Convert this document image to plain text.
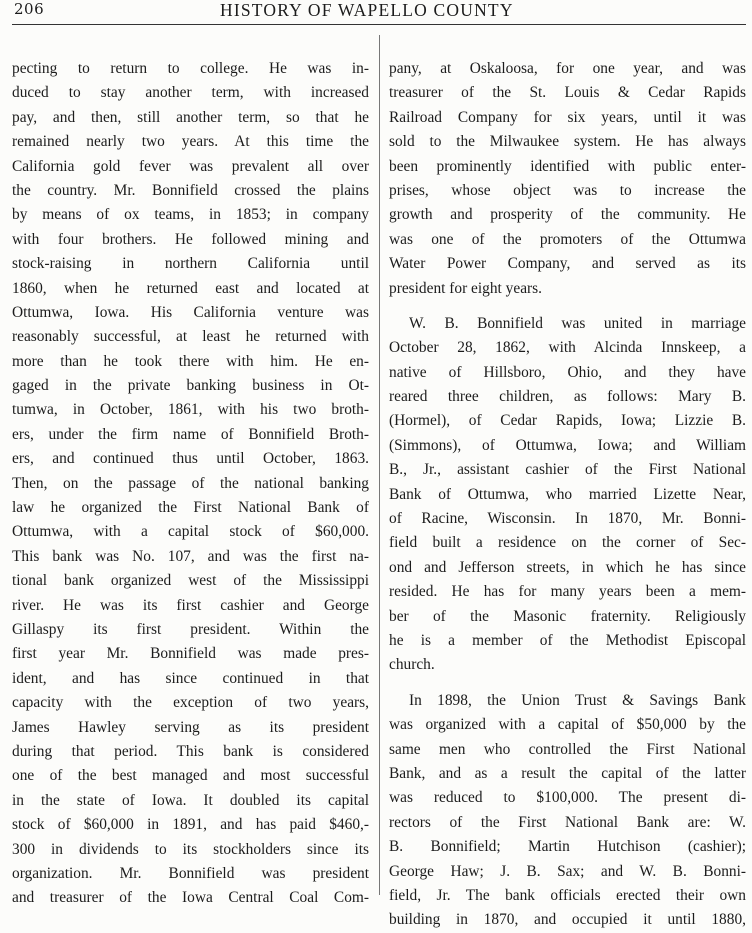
206	HISTORY OF WAPELLO COUNTY
pecting to return to college. He was in-
duced to stay another term, with increased
pay, and then, still another term, so that he
remained nearly two years. At this time the
California gold fever was prevalent all over
the country. Mr. Bonnifield crossed the plains
by means of ox teams, in 1853; in company
with four brothers. He followed mining and
stock-raising in northern California until
1860, when he returned east and located at
Ottumwa, Iowa. His California venture was
reasonably successful, at least he returned with
more than he took there with him. He en-
gaged in the private banking business in Ot-
tumwa, in October, 1861, with his two broth-
ers, under the firm name of Bonnifield Broth-
ers, and continued thus until October, 1863.
Then, on the passage of the national banking
law he organized the First National Bank of
Ottumwa, with a capital stock of $60,000.
This bank was No. 107, and was the first na-
tional bank organized west of the Mississippi
river. He was its first cashier and George
Gillaspy its first president. Within the
first year Mr. Bonnifield was made pres-
ident, and has since continued in that
capacity with the exception of two years,
James Hawley serving as its president
during that period. This bank is considered
one of the best managed and most successful
in the state of Iowa. It doubled its capital
stock of $60,000 in 1891, and has paid $460,-
300 in dividends to its stockholders since its
organization. Mr. Bonnifield was president
and treasurer of the Iowa Central Coal Com-
pany, at Oskaloosa, for one year, and was
treasurer of the St. Louis & Cedar Rapids
Railroad Company for six years, until it was
sold to the Milwaukee system. He has always
been prominently identified with public enter-
prises, whose object was to increase the
growth and prosperity of the community. He
was one of the promoters of the Ottumwa
Water Power Company, and served as its
president for eight years.
W. B. Bonnifield was united in marriage
October 28, 1862, with Alcinda Innskeep, a
native of Hillsboro, Ohio, and they have
reared three children, as follows: Mary B.
(Hormel), of Cedar Rapids, Iowa; Lizzie B.
(Simmons), of Ottumwa, Iowa; and William
B., Jr., assistant cashier of the First National
Bank of Ottumwa, who married Lizette Near,
of Racine, Wisconsin. In 1870, Mr. Bonni-
field built a residence on the corner of Sec-
ond and Jefferson streets, in which he has since
resided. He has for many years been a mem-
ber of the Masonic fraternity. Religiously
he is a member of the Methodist Episcopal
church.
In 1898, the Union Trust & Savings Bank
was organized with a capital of $50,000 by the
same men who controlled the First National
Bank, and as a result the capital of the latter
was reduced to $100,000. The present di-
rectors of the First National Bank are: W.
B. Bonnifield; Martin Hutchison (cashier);
George Haw; J. B. Sax; and W. B. Bonni-
field, Jr. The bank officials erected their own
building in 1870, and occupied it until 1880,
